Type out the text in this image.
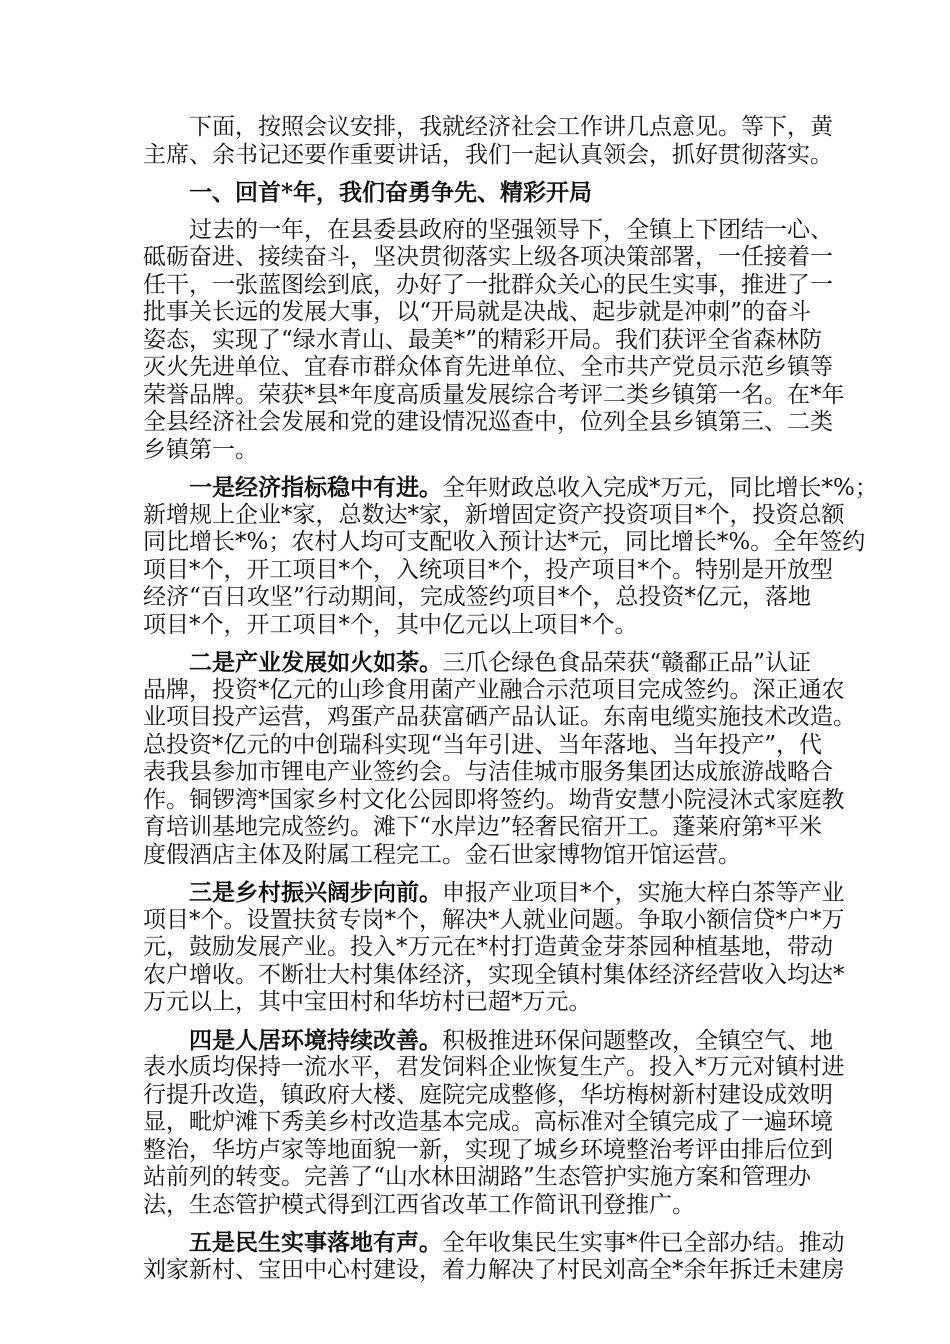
下面，按照会议安排，我就经济社会工作讲几点意见。等下，黄
主席、余书记还要作重要讲话，我们一起认真领会，抓好贯彻落实。
一、回首*年，我们奋勇争先、精彩开局
过去的一年，在县委县政府的坚强领导下，全镇上下团结一心、
砥砺奋进、接续奋斗，坚决贯彻落实上级各项决策部署，一任接着一
任干，一张蓝图绘到底，办好了一批群众关心的民生实事，推进了一
批事关长远的发展大事，以“开局就是决战、起步就是冲刺”的奋斗
姿态，实现了“绿水青山、最美*”的精彩开局。我们获评全省森林防
灭火先进单位、宜春市群众体育先进单位、全市共产党员示范乡镇等
荣誉品牌。荣获*县*年度高质量发展综合考评二类乡镇第一名。在*年
全县经济社会发展和党的建设情况巡查中，位列全县乡镇第三、二类
乡镇第一。
一是经济指标稳中有进。全年财政总收入完成*万元，同比增长*%；
新增规上企业*家，总数达*家，新增固定资产投资项目*个，投资总额
同比增长*%；农村人均可支配收入预计达*元，同比增长*%。全年签约
项目*个，开工项目*个，入统项目*个，投产项目*个。特别是开放型
经济“百日攻坚”行动期间，完成签约项目*个，总投资*亿元，落地
项目*个，开工项目*个，其中亿元以上项目*个。
二是产业发展如火如荼。三爪仑绿色食品荣获“赣鄱正品”认证
品牌，投资*亿元的山珍食用菌产业融合示范项目完成签约。深正通农
业项目投产运营，鸡蛋产品获富硒产品认证。东南电缆实施技术改造。
总投资*亿元的中创瑞科实现“当年引进、当年落地、当年投产”，代
表我县参加市锂电产业签约会。与洁佳城市服务集团达成旅游战略合
作。铜锣湾*国家乡村文化公园即将签约。坳背安慧小院浸沐式家庭教
育培训基地完成签约。滩下“水岸边”轻奢民宿开工。蓬莱府第*平米
度假酒店主体及附属工程完工。金石世家博物馆开馆运营。
三是乡村振兴阔步向前。申报产业项目*个，实施大梓白茶等产业
项目*个。设置扶贫专岗*个，解决*人就业问题。争取小额信贷*户*万
元，鼓励发展产业。投入*万元在*村打造黄金芽茶园种植基地，带动
农户增收。不断壮大村集体经济，实现全镇村集体经济经营收入均达*
万元以上，其中宝田村和华坊村已超*万元。
四是人居环境持续改善。积极推进环保问题整改，全镇空气、地
表水质均保持一流水平，君发饲料企业恢复生产。投入*万元对镇村进
行提升改造，镇政府大楼、庭院完成整修，华坊梅树新村建设成效明
显，毗炉滩下秀美乡村改造基本完成。高标准对全镇完成了一遍环境
整治，华坊卢家等地面貌一新，实现了城乡环境整治考评由排后位到
站前列的转变。完善了“山水林田湖路”生态管护实施方案和管理办
法，生态管护模式得到江西省改革工作简讯刊登推广。
五是民生实事落地有声。全年收集民生实事*件已全部办结。推动
刘家新村、宝田中心村建设，着力解决了村民刘高全*余年拆迁未建房
